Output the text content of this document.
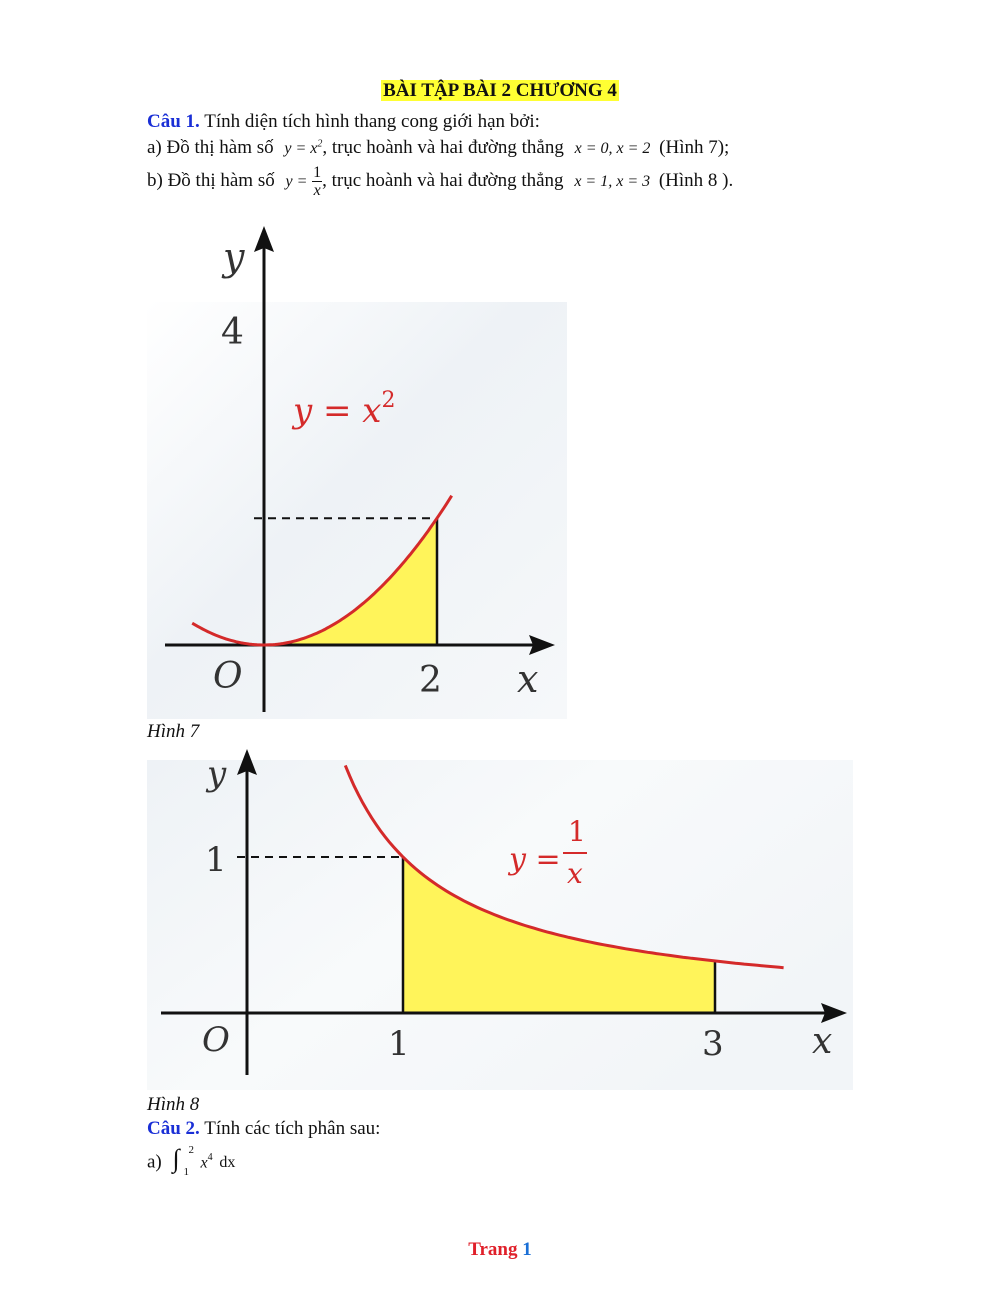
BÀI TẬP BÀI 2 CHƯƠNG 4
Câu 1. Tính diện tích hình thang cong giới hạn bởi:
a) Đồ thị hàm số $y = x^2$, trục hoành và hai đường thẳng x = 0, x = 2 (Hình 7);
b) Đồ thị hàm số $y = \frac{1}{x}$ , trục hoành và hai đường thẳng x = 1, x = 3 (Hình 8 ).
y
4
O	2 x
$y = x^2$
Hình 7
y
1
O	1	3 x
y =
1
x
Hình 8
Câu 2. Tính các tích phân sau:
a) ∫ 2
1
$x^4$ dx
Trang 1
